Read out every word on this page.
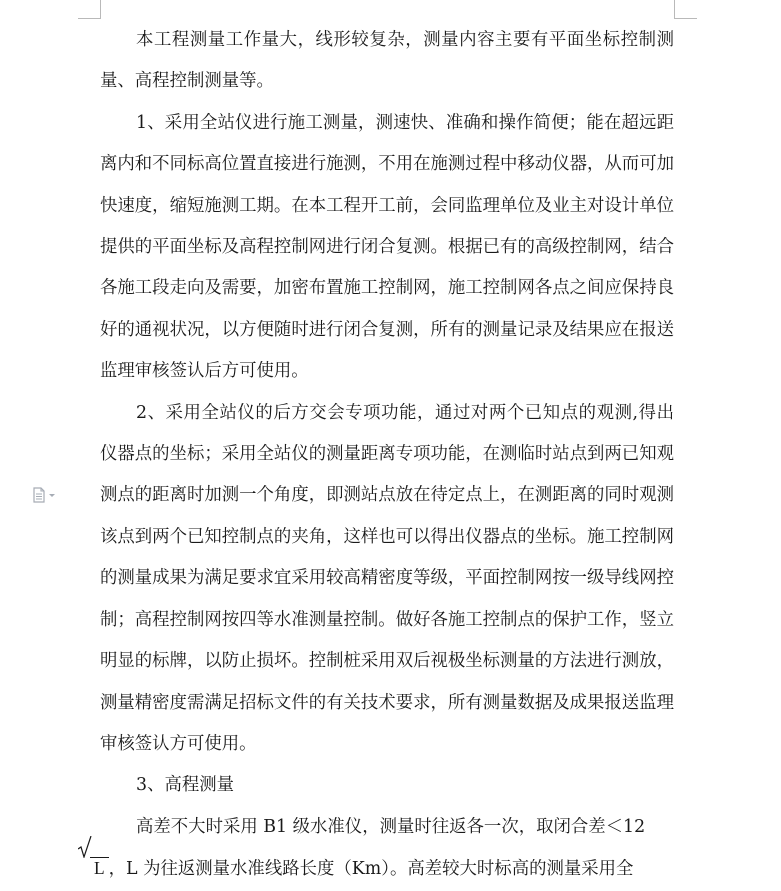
本工程测量工作量大，线形较复杂，测量内容主要有平面坐标控制测量、高程控制测量等。

1、采用全站仪进行施工测量，测速快、准确和操作简便；能在超远距离内和不同标高位置直接进行施测，不用在施测过程中移动仪器，从而可加快速度，缩短施测工期。在本工程开工前，会同监理单位及业主对设计单位提供的平面坐标及高程控制网进行闭合复测。根据已有的高级控制网，结合各施工段走向及需要，加密布置施工控制网，施工控制网各点之间应保持良好的通视状况，以方便随时进行闭合复测，所有的测量记录及结果应在报送监理审核签认后方可使用。

2、采用全站仪的后方交会专项功能，通过对两个已知点的观测,得出仪器点的坐标；采用全站仪的测量距离专项功能，在测临时站点到两已知观测点的距离时加测一个角度，即测站点放在待定点上，在测距离的同时观测该点到两个已知控制点的夹角，这样也可以得出仪器点的坐标。施工控制网的测量成果为满足要求宜采用较高精密度等级，平面控制网按一级导线网控制；高程控制网按四等水准测量控制。做好各施工控制点的保护工作，竖立明显的标牌，以防止损坏。控制桩采用双后视极坐标测量的方法进行测放，测量精密度需满足招标文件的有关技术要求，所有测量数据及成果报送监理审核签认方可使用。

3、高程测量

高差不大时采用 B1 级水准仪，测量时往返各一次，取闭合差＜12

L ，L 为往返测量水准线路长度（Km）。高差较大时标高的测量采用全
